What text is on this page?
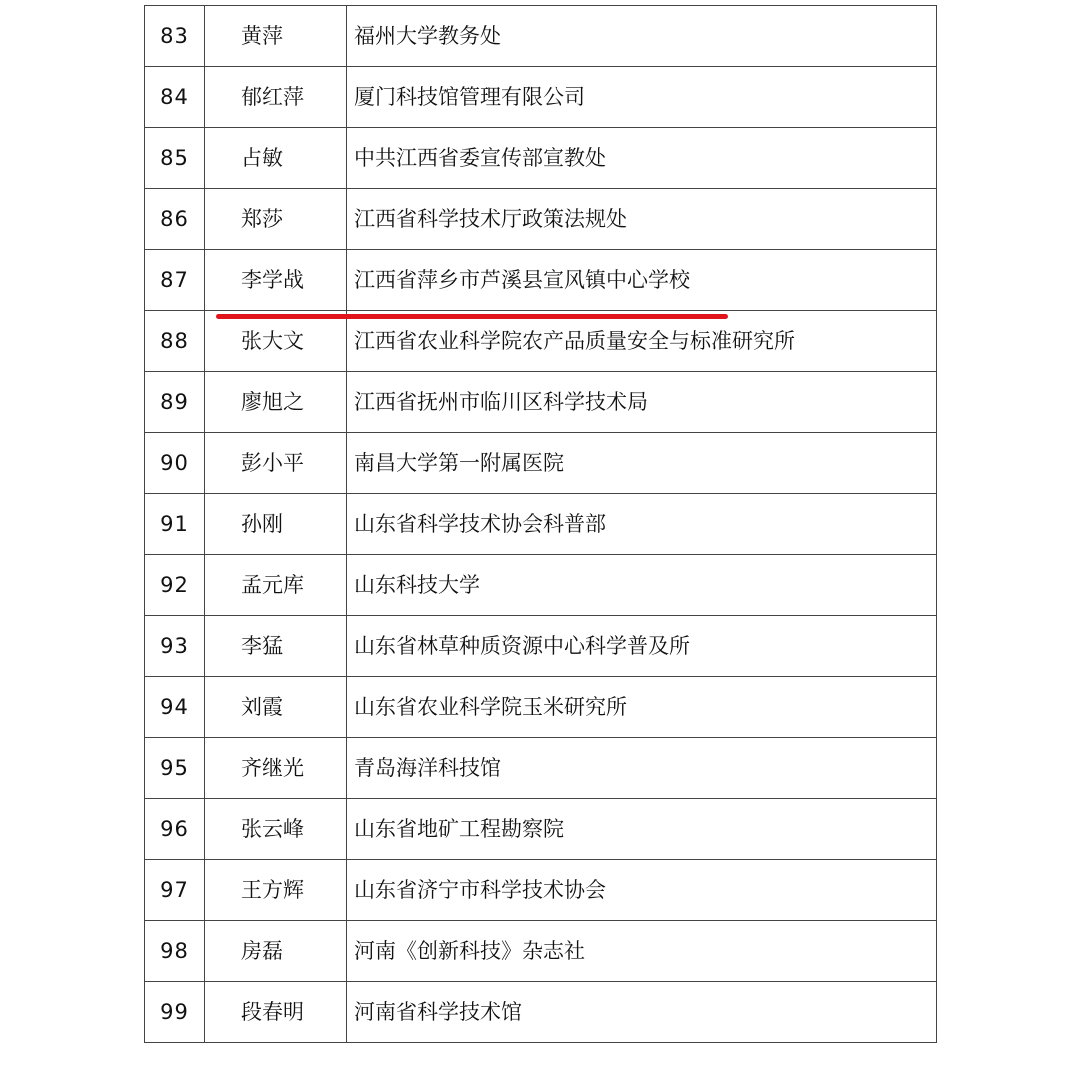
83	黄萍	福州大学教务处
84	郁红萍	厦门科技馆管理有限公司
85	占敏	中共江西省委宣传部宣教处
86	郑莎	江西省科学技术厅政策法规处
87	李学战	江西省萍乡市芦溪县宣风镇中心学校
88	张大文	江西省农业科学院农产品质量安全与标准研究所
89	廖旭之	江西省抚州市临川区科学技术局
90	彭小平	南昌大学第一附属医院
91	孙刚	山东省科学技术协会科普部
92	孟元库	山东科技大学
93	李猛	山东省林草种质资源中心科学普及所
94	刘霞	山东省农业科学院玉米研究所
95	齐继光	青岛海洋科技馆
96	张云峰	山东省地矿工程勘察院
97	王方辉	山东省济宁市科学技术协会
98	房磊	河南《创新科技》杂志社
99	段春明	河南省科学技术馆
